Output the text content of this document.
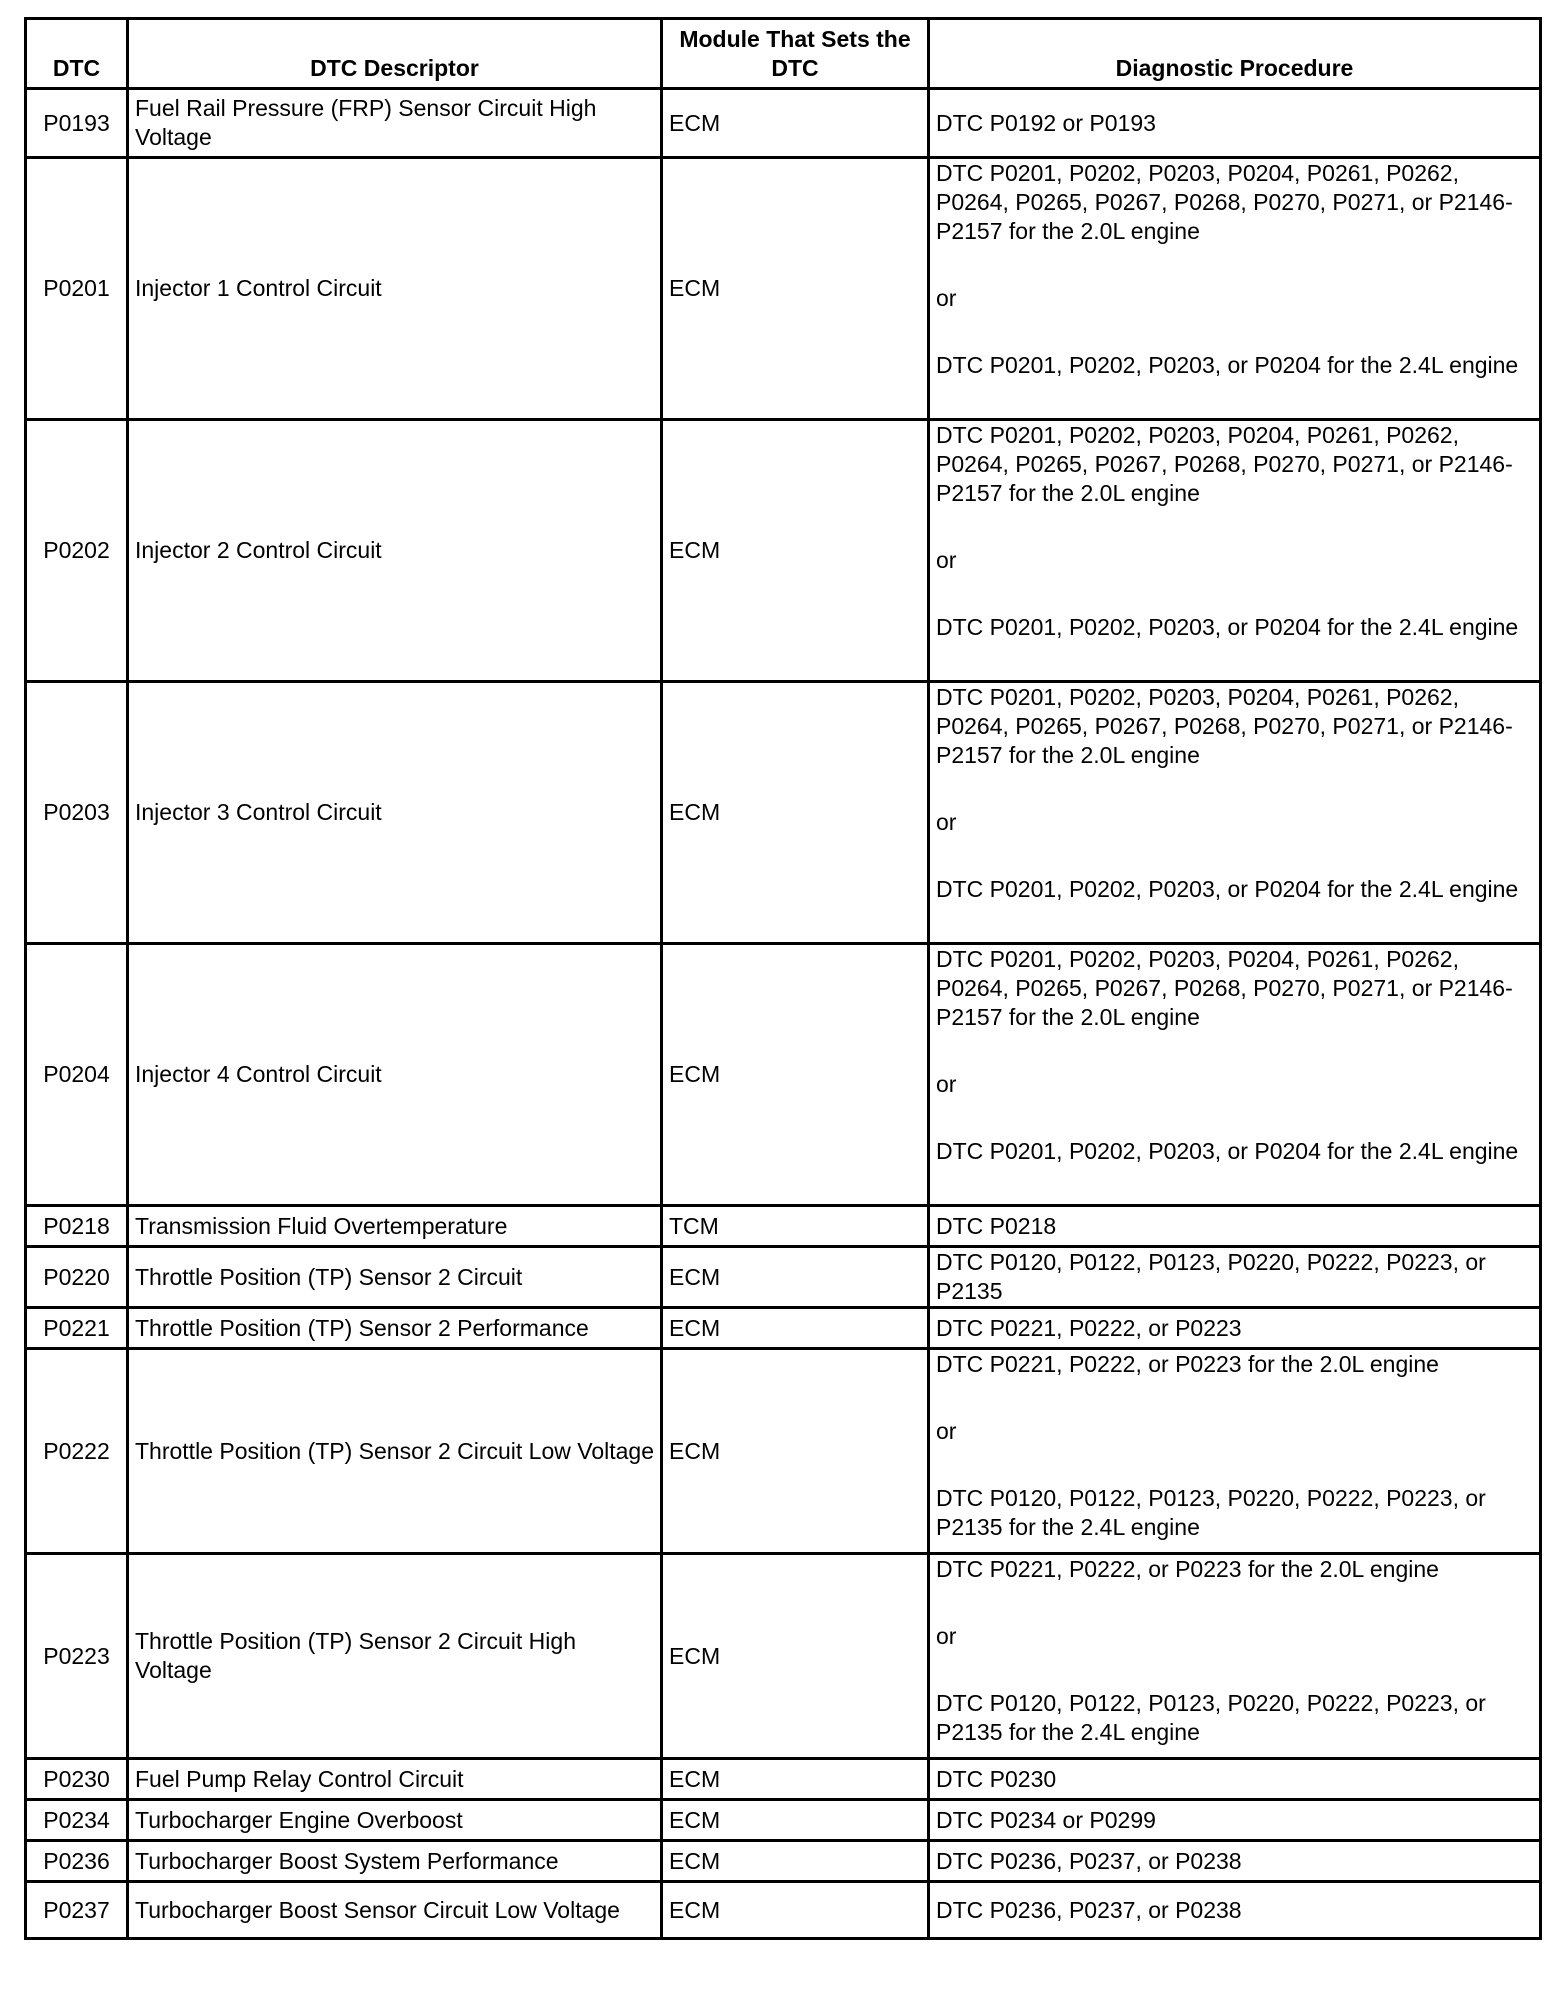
DTC	DTC Descriptor	Module That Sets the DTC	Diagnostic Procedure
P0193	Fuel Rail Pressure (FRP) Sensor Circuit High Voltage	ECM	DTC P0192 or P0193

P0201	Injector 1 Control Circuit	ECM	DTC P0201, P0202, P0203, P0204, P0261, P0262, P0264, P0265, P0267, P0268, P0270, P0271, or P2146-P2157 for the 2.0L engine
or
DTC P0201, P0202, P0203, or P0204 for the 2.4L engine

P0202	Injector 2 Control Circuit	ECM	DTC P0201, P0202, P0203, P0204, P0261, P0262, P0264, P0265, P0267, P0268, P0270, P0271, or P2146-P2157 for the 2.0L engine
or
DTC P0201, P0202, P0203, or P0204 for the 2.4L engine

P0203	Injector 3 Control Circuit	ECM	DTC P0201, P0202, P0203, P0204, P0261, P0262, P0264, P0265, P0267, P0268, P0270, P0271, or P2146-P2157 for the 2.0L engine
or
DTC P0201, P0202, P0203, or P0204 for the 2.4L engine

P0204	Injector 4 Control Circuit	ECM	DTC P0201, P0202, P0203, P0204, P0261, P0262, P0264, P0265, P0267, P0268, P0270, P0271, or P2146-P2157 for the 2.0L engine
or
DTC P0201, P0202, P0203, or P0204 for the 2.4L engine

P0218	Transmission Fluid Overtemperature	TCM	DTC P0218

P0220	Throttle Position (TP) Sensor 2 Circuit	ECM	DTC P0120, P0122, P0123, P0220, P0222, P0223, or P2135

P0221	Throttle Position (TP) Sensor 2 Performance	ECM	DTC P0221, P0222, or P0223

P0222	Throttle Position (TP) Sensor 2 Circuit Low Voltage	ECM	DTC P0221, P0222, or P0223 for the 2.0L engine
or
DTC P0120, P0122, P0123, P0220, P0222, P0223, or P2135 for the 2.4L engine

P0223	Throttle Position (TP) Sensor 2 Circuit High Voltage	ECM	DTC P0221, P0222, or P0223 for the 2.0L engine
or
DTC P0120, P0122, P0123, P0220, P0222, P0223, or P2135 for the 2.4L engine

P0230	Fuel Pump Relay Control Circuit	ECM	DTC P0230

P0234	Turbocharger Engine Overboost	ECM	DTC P0234 or P0299

P0236	Turbocharger Boost System Performance	ECM	DTC P0236, P0237, or P0238

P0237	Turbocharger Boost Sensor Circuit Low Voltage	ECM	DTC P0236, P0237, or P0238
